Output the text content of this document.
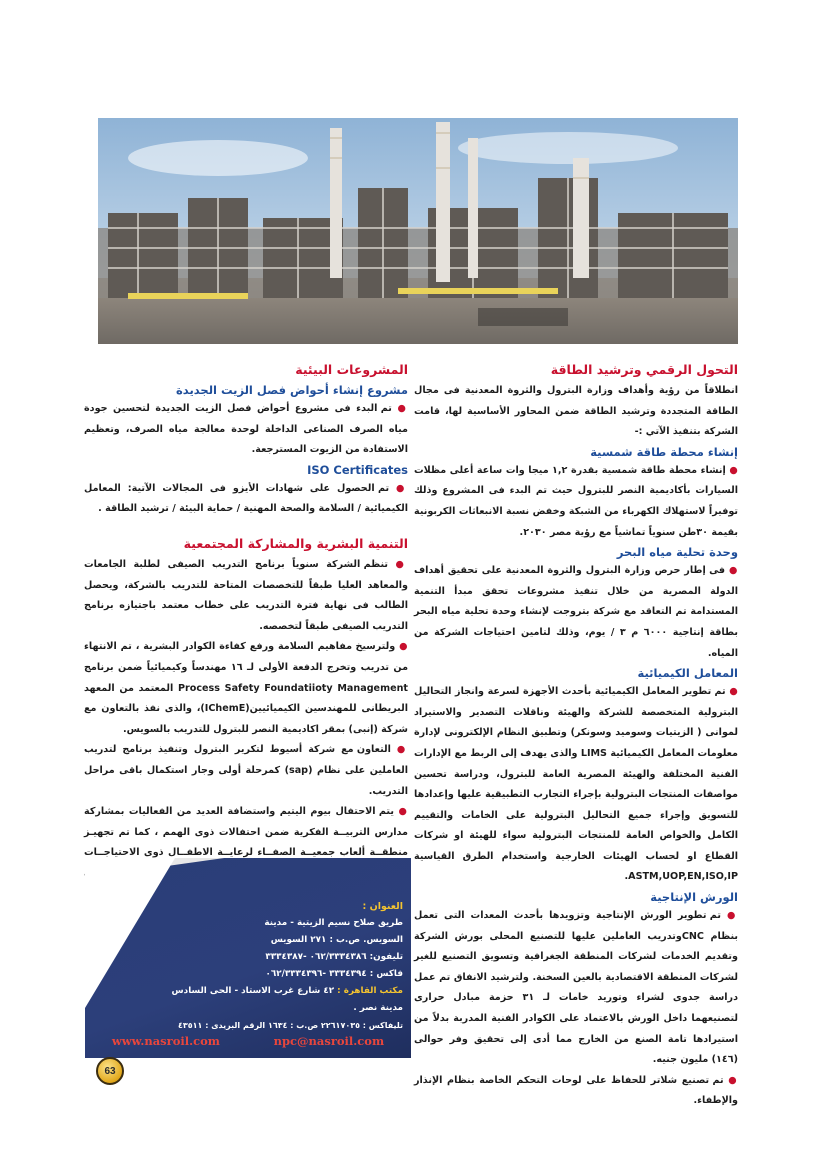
التحول الرقمي وترشيد الطاقة

انطلاقاً من رؤية وأهداف وزارة البترول والثروة المعدنية فى مجال الطاقة المتجددة وترشيد الطاقة ضمن المحاور الأساسية لها، قامت الشركة بتنفيذ الآتي :-

إنشاء محطة طاقة شمسية

● إنشاء محطة طاقة شمسية بقدرة ١,٢ ميجا وات ساعة أعلى مظلات السيارات بأكاديمية النصر للبترول حيث تم البدء فى المشروع وذلك توفيراً لاستهلاك الكهرباء من الشبكة وخفض نسبة الانبعاثات الكربونية بقيمة ٣٠طن سنوياً تماشياً مع رؤية مصر ٢٠٣٠.

وحدة تحلية مياه البحر

● فى إطار حرص وزارة البترول والثروة المعدنية على تحقيق أهداف الدولة المصرية من خلال تنفيذ مشروعات تحقق مبدأ التنمية المستدامة تم التعاقد مع شركة بتروجت لإنشاء وحدة تحلية مياه البحر بطاقة إنتاجية ٦٠٠٠ م ٣ / يوم، وذلك لتامين احتياجات الشركة من المياه.

المعامل الكيميائية

● تم تطوير المعامل الكيميائية بأحدث الأجهزة لسرعة وانجاز التحاليل البترولية المتخصصة للشركة والهيئة وناقلات التصدير والاستيراد لموانى ( الزيتيات وسوميد وسونكر) وتطبيق النظام الإلكترونى لإدارة معلومات المعامل الكيميائية LIMS والذى يهدف إلى الربط مع الإدارات الفنية المختلفة والهيئة المصرية العامة للبترول، ودراسة تحسين مواصفات المنتجات البترولية بإجراء التجارب التطبيقية عليها وإعدادها للتسويق وإجراء جميع التحاليل البترولية على الخامات والتقييم الكامل والخواص العامة للمنتجات البترولية سواء للهيئة او شركات القطاع او لحساب الهيئات الخارجية واستخدام الطرق القياسية ASTM,UOP,EN,ISO,IP.

الورش الإنتاجية

● تم تطوير الورش الإنتاجية وتزويدها بأحدث المعدات التى تعمل بنظام CNCوتدريب العاملين عليها للتصنيع المحلى بورش الشركة وتقديم الخدمات لشركات المنطقة الجغرافية وتسويق التصنيع للغير لشركات المنطقة الاقتصادية بالعين السخنة. ولترشيد الانفاق تم عمل دراسة جدوى لشراء وتوريد خامات لـ ٣١ حزمة مبادل حرارى لتصنيعهما داخل الورش بالاعتماد على الكوادر الفنية المدربة بدلاً من استيرادها تامة الصنع من الخارج مما أدى إلى تحقيق وفر حوالى (١٤٦) مليون جنيه.

● تم تصنيع شلاتر للحفاظ على لوحات التحكم الخاصة بنظام الإنذار والإطفاء.

المشروعات البيئية
مشروع إنشاء أحواض فصل الزيت الجديدة

● تم البدء فى مشروع أحواض فصل الزيت الجديدة لتحسين جودة مياه الصرف الصناعى الداخلة لوحدة معالجة مياه الصرف، وتعظيم الاستفادة من الزيوت المسترجعة.

ISO Certificates

● تم الحصول على شهادات الأيزو فى المجالات الآتية: المعامل الكيميائية / السلامة والصحة المهنية / حماية البيئة / ترشيد الطاقة .

التنمية البشرية والمشاركة المجتمعية

● تنظم الشركة سنوياً برنامج التدريب الصيفى لطلبة الجامعات والمعاهد العليا طبقاً للتخصصات المتاحة للتدريب بالشركة، ويحصل الطالب فى نهاية فترة التدريب على خطاب معتمد باجتيازه برنامج التدريب الصيفى طبقاً لتخصصه.

● ولترسيخ مفاهيم السلامة ورفع كفاءة الكوادر البشرية ، تم الانتهاء من تدريب وتخرج الدفعة الأولى لـ ١٦ مهندساً وكيميائياً ضمن برنامج Process Safety Foundatiioty Management المعتمد من المعهد البريطانى للمهندسين الكيميائيين(IChemE)، والذى نفذ بالتعاون مع شركة (إنبى) بمقر اكاديمية النصر للبترول للتدريب بالسويس.

● التعاون مع شركة أسيوط لتكرير البترول وتنفيذ برنامج لتدريب العاملين على نظام (sap) كمرحلة أولى وجار استكمال باقى مراحل التدريب.

● يتم الاحتفال بيوم اليتيم واستضافة العديد من الفعاليات بمشاركة مدارس التربيــة الفكرية ضمن احتفالات ذوى الهمم ، كما تم تجهيـز منطقــة ألعاب جمعيــة الصفــاء لرعايــة الاطفــال ذوى الاحتياجــات

العنوان :
طريق صلاح نسيم الزيتية - مدينة
السويس. ص.ب : ٢٧١ السويس
تليفون: ٠٦٢/٣٣٣٤٣٨٦ -٣٣٣٤٣٨٧
فاكس : ٣٣٣٤٣٩٤ -٠٦٢/٣٣٣٤٣٩٦
مكتب القاهرة : ٤٢ شارع غرب الاستاد - الحى السادس مدينة نصر .
تليفاكس : ٢٢٦١٧٠٣٥ ص.ب : ١٦٣٤ الرقم البريدى : ٤٣٥١١
www.nasroil.com	npc@nasroil.com
63
